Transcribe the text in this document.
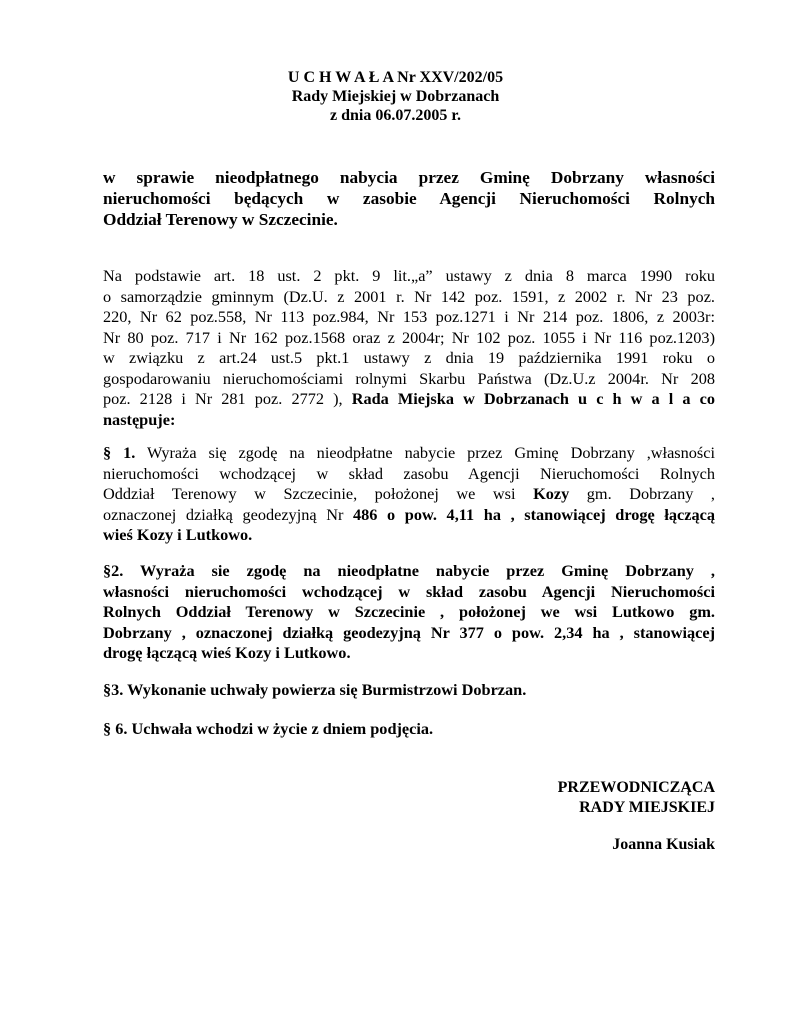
U C H W A Ł A Nr XXV/202/05
Rady Miejskiej w Dobrzanach
z dnia 06.07.2005 r.
w sprawie nieodpłatnego nabycia przez Gminę Dobrzany własności
nieruchomości będących w zasobie Agencji Nieruchomości Rolnych
Oddział Terenowy w Szczecinie.
Na podstawie art. 18 ust. 2 pkt. 9 lit.„a” ustawy z dnia 8 marca 1990 roku
o samorządzie gminnym (Dz.U. z 2001 r. Nr 142 poz. 1591, z 2002 r. Nr 23 poz.
220, Nr 62 poz.558, Nr 113 poz.984, Nr 153 poz.1271 i Nr 214 poz. 1806, z 2003r:
Nr 80 poz. 717 i Nr 162 poz.1568 oraz z 2004r; Nr 102 poz. 1055 i Nr 116 poz.1203)
w związku z art.24 ust.5 pkt.1 ustawy z dnia 19 października 1991 roku o
gospodarowaniu nieruchomościami rolnymi Skarbu Państwa (Dz.U.z 2004r. Nr 208
poz. 2128 i Nr 281 poz. 2772 ), Rada Miejska w Dobrzanach u c h w a l a co
następuje:
§ 1. Wyraża się zgodę na nieodpłatne nabycie przez Gminę Dobrzany ,własności
nieruchomości wchodzącej w skład zasobu Agencji Nieruchomości Rolnych
Oddział Terenowy w Szczecinie, położonej we wsi Kozy gm. Dobrzany ,
oznaczonej działką geodezyjną Nr 486 o pow. 4,11 ha , stanowiącej drogę łączącą
wieś Kozy i Lutkowo.
§2. Wyraża sie zgodę na nieodpłatne nabycie przez Gminę Dobrzany ,
własności nieruchomości wchodzącej w skład zasobu Agencji Nieruchomości
Rolnych Oddział Terenowy w Szczecinie , położonej we wsi Lutkowo gm.
Dobrzany , oznaczonej działką geodezyjną Nr 377 o pow. 2,34 ha , stanowiącej
drogę łączącą wieś Kozy i Lutkowo.
§3. Wykonanie uchwały powierza się Burmistrzowi Dobrzan.
§ 6. Uchwała wchodzi w życie z dniem podjęcia.
PRZEWODNICZĄCA
RADY MIEJSKIEJ
Joanna Kusiak
